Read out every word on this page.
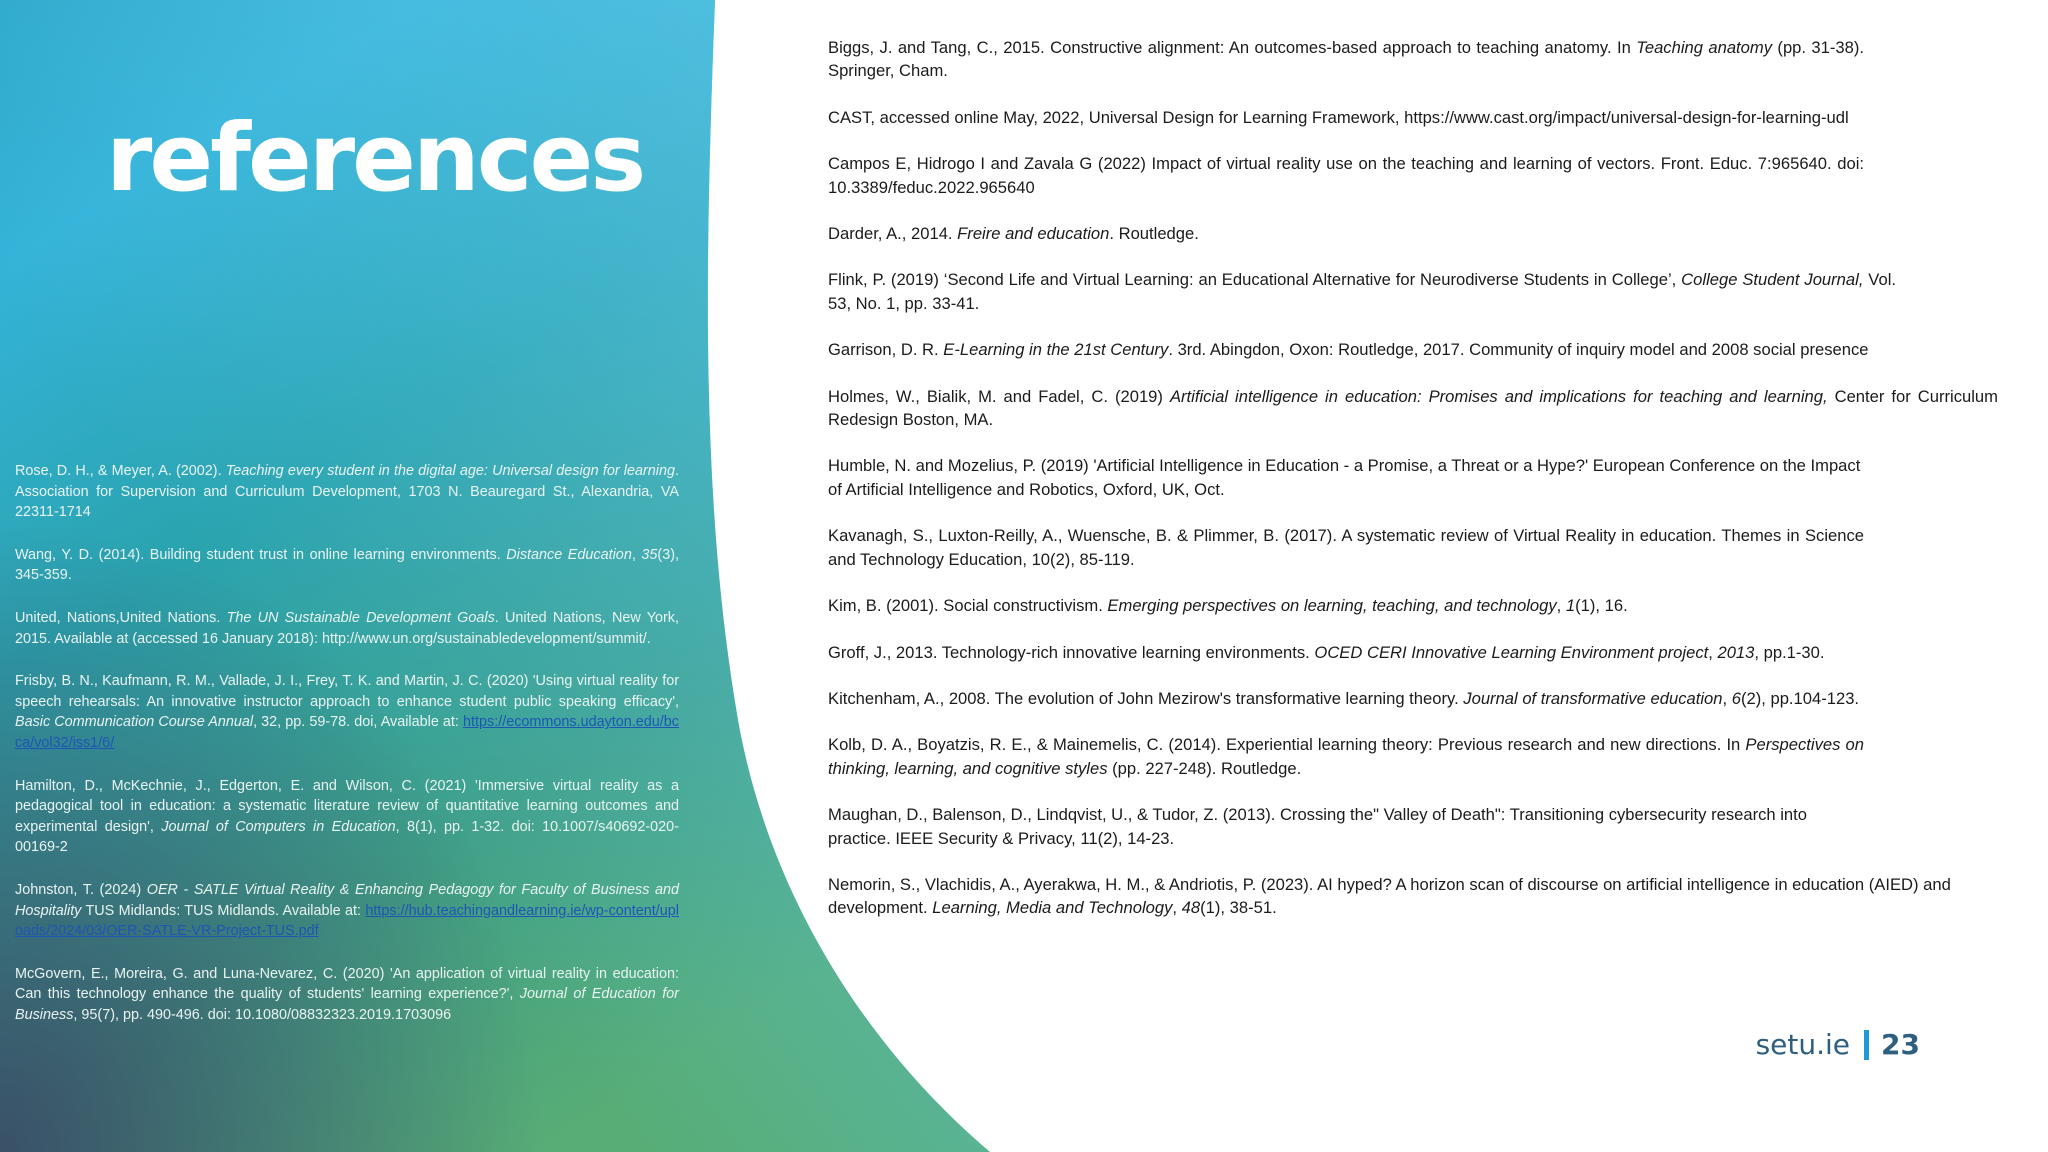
references

Rose, D. H., & Meyer, A. (2002). Teaching every student in the digital age: Universal design for learning. Association for Supervision and Curriculum Development, 1703 N. Beauregard St., Alexandria, VA 22311-1714

Wang, Y. D. (2014). Building student trust in online learning environments. Distance Education, 35(3), 345-359.

United, Nations,United Nations. The UN Sustainable Development Goals. United Nations, New York, 2015. Available at (accessed 16 January 2018): http://www.un.org/sustainabledevelopment/summit/.

Frisby, B. N., Kaufmann, R. M., Vallade, J. I., Frey, T. K. and Martin, J. C. (2020) 'Using virtual reality for speech rehearsals: An innovative instructor approach to enhance student public speaking efficacy', Basic Communication Course Annual, 32, pp. 59-78. doi, Available at: https://ecommons.udayton.edu/bcca/vol32/iss1/6/

Hamilton, D., McKechnie, J., Edgerton, E. and Wilson, C. (2021) 'Immersive virtual reality as a pedagogical tool in education: a systematic literature review of quantitative learning outcomes and experimental design', Journal of Computers in Education, 8(1), pp. 1-32. doi: 10.1007/s40692-020-00169-2

Johnston, T. (2024) OER - SATLE Virtual Reality & Enhancing Pedagogy for Faculty of Business and Hospitality TUS Midlands: TUS Midlands. Available at: https://hub.teachingandlearning.ie/wp-content/uploads/2024/03/OER-SATLE-VR-Project-TUS.pdf

McGovern, E., Moreira, G. and Luna-Nevarez, C. (2020) 'An application of virtual reality in education: Can this technology enhance the quality of students' learning experience?', Journal of Education for Business, 95(7), pp. 490-496. doi: 10.1080/08832323.2019.1703096

Biggs, J. and Tang, C., 2015. Constructive alignment: An outcomes-based approach to teaching anatomy. In Teaching anatomy (pp. 31-38). Springer, Cham.

CAST, accessed online May, 2022, Universal Design for Learning Framework, https://www.cast.org/impact/universal-design-for-learning-udl

Campos E, Hidrogo I and Zavala G (2022) Impact of virtual reality use on the teaching and learning of vectors. Front. Educ. 7:965640. doi: 10.3389/feduc.2022.965640

Darder, A., 2014. Freire and education. Routledge.

Flink, P. (2019) ‘Second Life and Virtual Learning: an Educational Alternative for Neurodiverse Students in College’, College Student Journal, Vol. 53, No. 1, pp. 33-41.

Garrison, D. R. E-Learning in the 21st Century. 3rd. Abingdon, Oxon: Routledge, 2017. Community of inquiry model and 2008 social presence

Holmes, W., Bialik, M. and Fadel, C. (2019) Artificial intelligence in education: Promises and implications for teaching and learning, Center for Curriculum Redesign Boston, MA.

Humble, N. and Mozelius, P. (2019) 'Artificial Intelligence in Education - a Promise, a Threat or a Hype?' European Conference on the Impact of Artificial Intelligence and Robotics, Oxford, UK, Oct.

Kavanagh, S., Luxton-Reilly, A., Wuensche, B. & Plimmer, B. (2017). A systematic review of Virtual Reality in education. Themes in Science and Technology Education, 10(2), 85-119.

Kim, B. (2001). Social constructivism. Emerging perspectives on learning, teaching, and technology, 1(1), 16.

Groff, J., 2013. Technology-rich innovative learning environments. OCED CERI Innovative Learning Environment project, 2013, pp.1-30.

Kitchenham, A., 2008. The evolution of John Mezirow's transformative learning theory. Journal of transformative education, 6(2), pp.104-123.

Kolb, D. A., Boyatzis, R. E., & Mainemelis, C. (2014). Experiential learning theory: Previous research and new directions. In Perspectives on thinking, learning, and cognitive styles (pp. 227-248). Routledge.

Maughan, D., Balenson, D., Lindqvist, U., & Tudor, Z. (2013). Crossing the" Valley of Death": Transitioning cybersecurity research into practice. IEEE Security & Privacy, 11(2), 14-23.

Nemorin, S., Vlachidis, A., Ayerakwa, H. M., & Andriotis, P. (2023). AI hyped? A horizon scan of discourse on artificial intelligence in education (AIED) and development. Learning, Media and Technology, 48(1), 38-51.

setu.ie 23
